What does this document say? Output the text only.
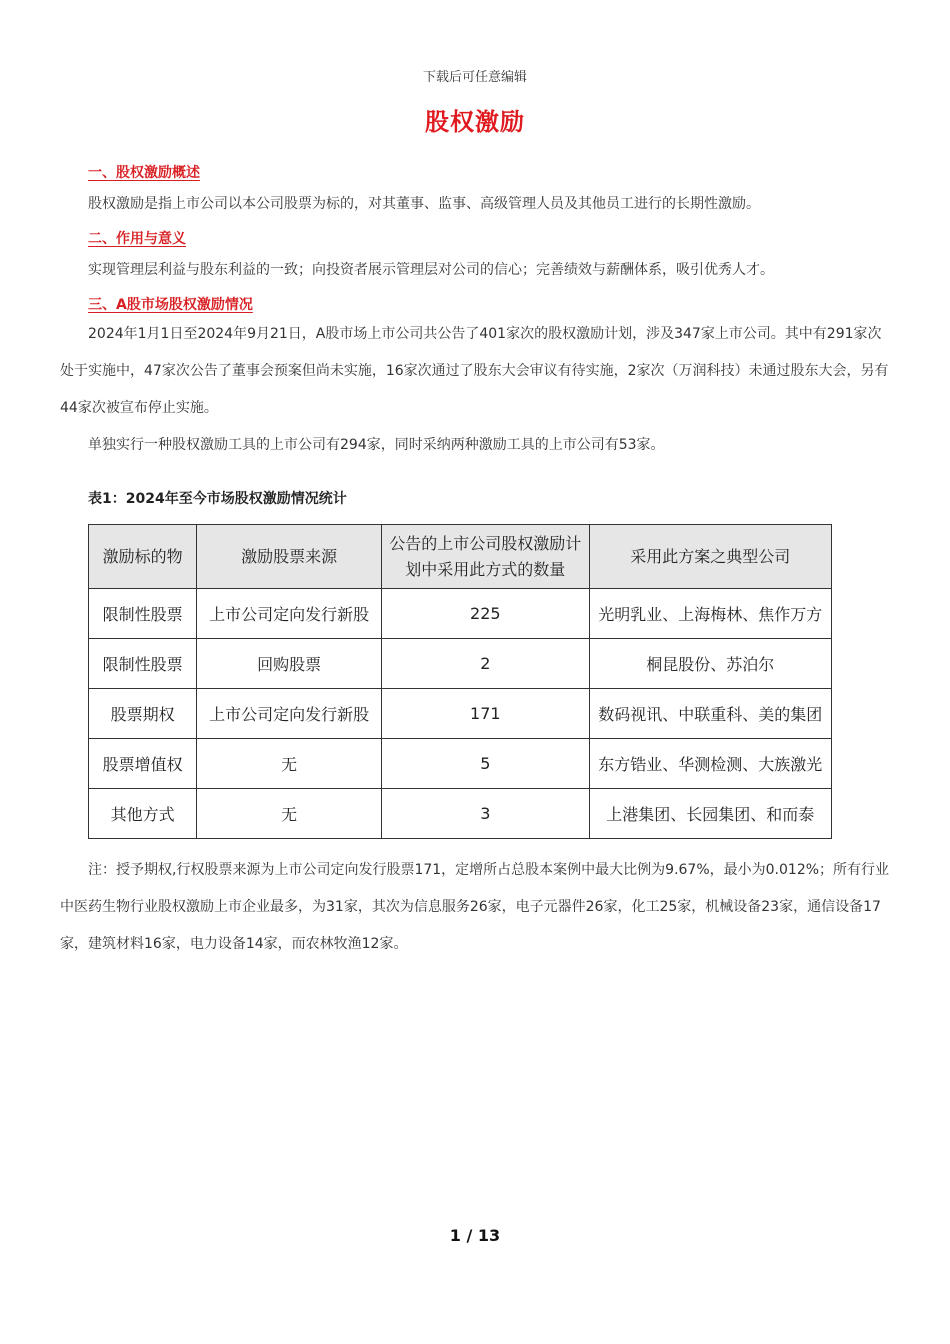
下载后可任意编辑
股权激励
一、股权激励概述
股权激励是指上市公司以本公司股票为标的，对其董事、监事、高级管理人员及其他员工进行的长期性激励。
二、作用与意义
实现管理层利益与股东利益的一致；向投资者展示管理层对公司的信心；完善绩效与薪酬体系，吸引优秀人才。
三、A股市场股权激励情况
2024年1月1日至2024年9月21日，A股市场上市公司共公告了401家次的股权激励计划，涉及347家上市公司。其中有291家次处于实施中，47家次公告了董事会预案但尚未实施，16家次通过了股东大会审议有待实施，2家次（万润科技）未通过股东大会，另有44家次被宣布停止实施。
单独实行一种股权激励工具的上市公司有294家，同时采纳两种激励工具的上市公司有53家。
表1：2024年至今市场股权激励情况统计
激励标的物	激励股票来源	公告的上市公司股权激励计划中采用此方式的数量	采用此方案之典型公司
限制性股票	上市公司定向发行新股	225	光明乳业、上海梅林、焦作万方
限制性股票	回购股票	2	桐昆股份、苏泊尔
股票期权	上市公司定向发行新股	171	数码视讯、中联重科、美的集团
股票增值权	无	5	东方锆业、华测检测、大族激光
其他方式	无	3	上港集团、长园集团、和而泰
注：授予期权,行权股票来源为上市公司定向发行股票171，定增所占总股本案例中最大比例为9.67%，最小为0.012%；所有行业中医药生物行业股权激励上市企业最多，为31家，其次为信息服务26家，电子元器件26家，化工25家，机械设备23家，通信设备17家，建筑材料16家，电力设备14家，而农林牧渔12家。
1 / 13
